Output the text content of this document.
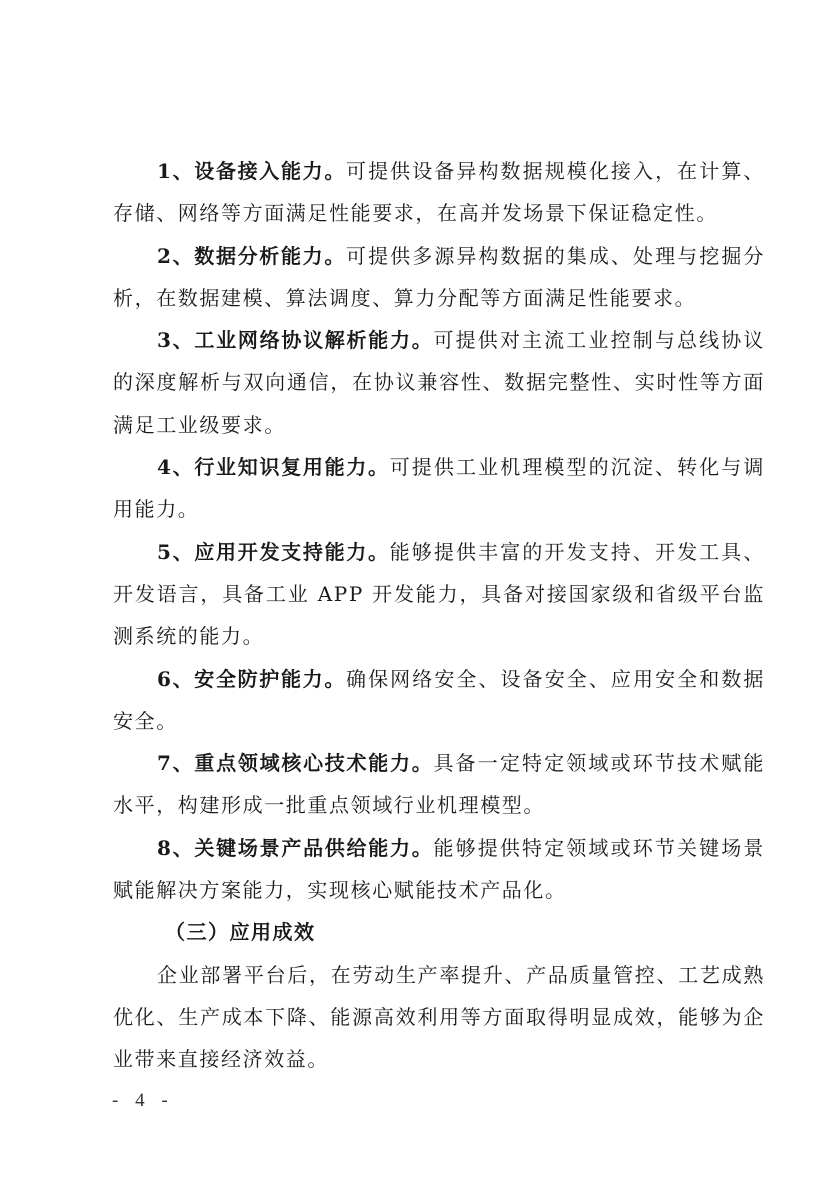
1、设备接入能力。可提供设备异构数据规模化接入，在计算、存储、网络等方面满足性能要求，在高并发场景下保证稳定性。

2、数据分析能力。可提供多源异构数据的集成、处理与挖掘分析，在数据建模、算法调度、算力分配等方面满足性能要求。

3、工业网络协议解析能力。可提供对主流工业控制与总线协议的深度解析与双向通信，在协议兼容性、数据完整性、实时性等方面满足工业级要求。

4、行业知识复用能力。可提供工业机理模型的沉淀、转化与调用能力。

5、应用开发支持能力。能够提供丰富的开发支持、开发工具、开发语言，具备工业 APP 开发能力，具备对接国家级和省级平台监测系统的能力。

6、安全防护能力。确保网络安全、设备安全、应用安全和数据安全。

7、重点领域核心技术能力。具备一定特定领域或环节技术赋能水平，构建形成一批重点领域行业机理模型。

8、关键场景产品供给能力。能够提供特定领域或环节关键场景赋能解决方案能力，实现核心赋能技术产品化。

（三）应用成效

企业部署平台后，在劳动生产率提升、产品质量管控、工艺成熟优化、生产成本下降、能源高效利用等方面取得明显成效，能够为企业带来直接经济效益。

- 4 -
